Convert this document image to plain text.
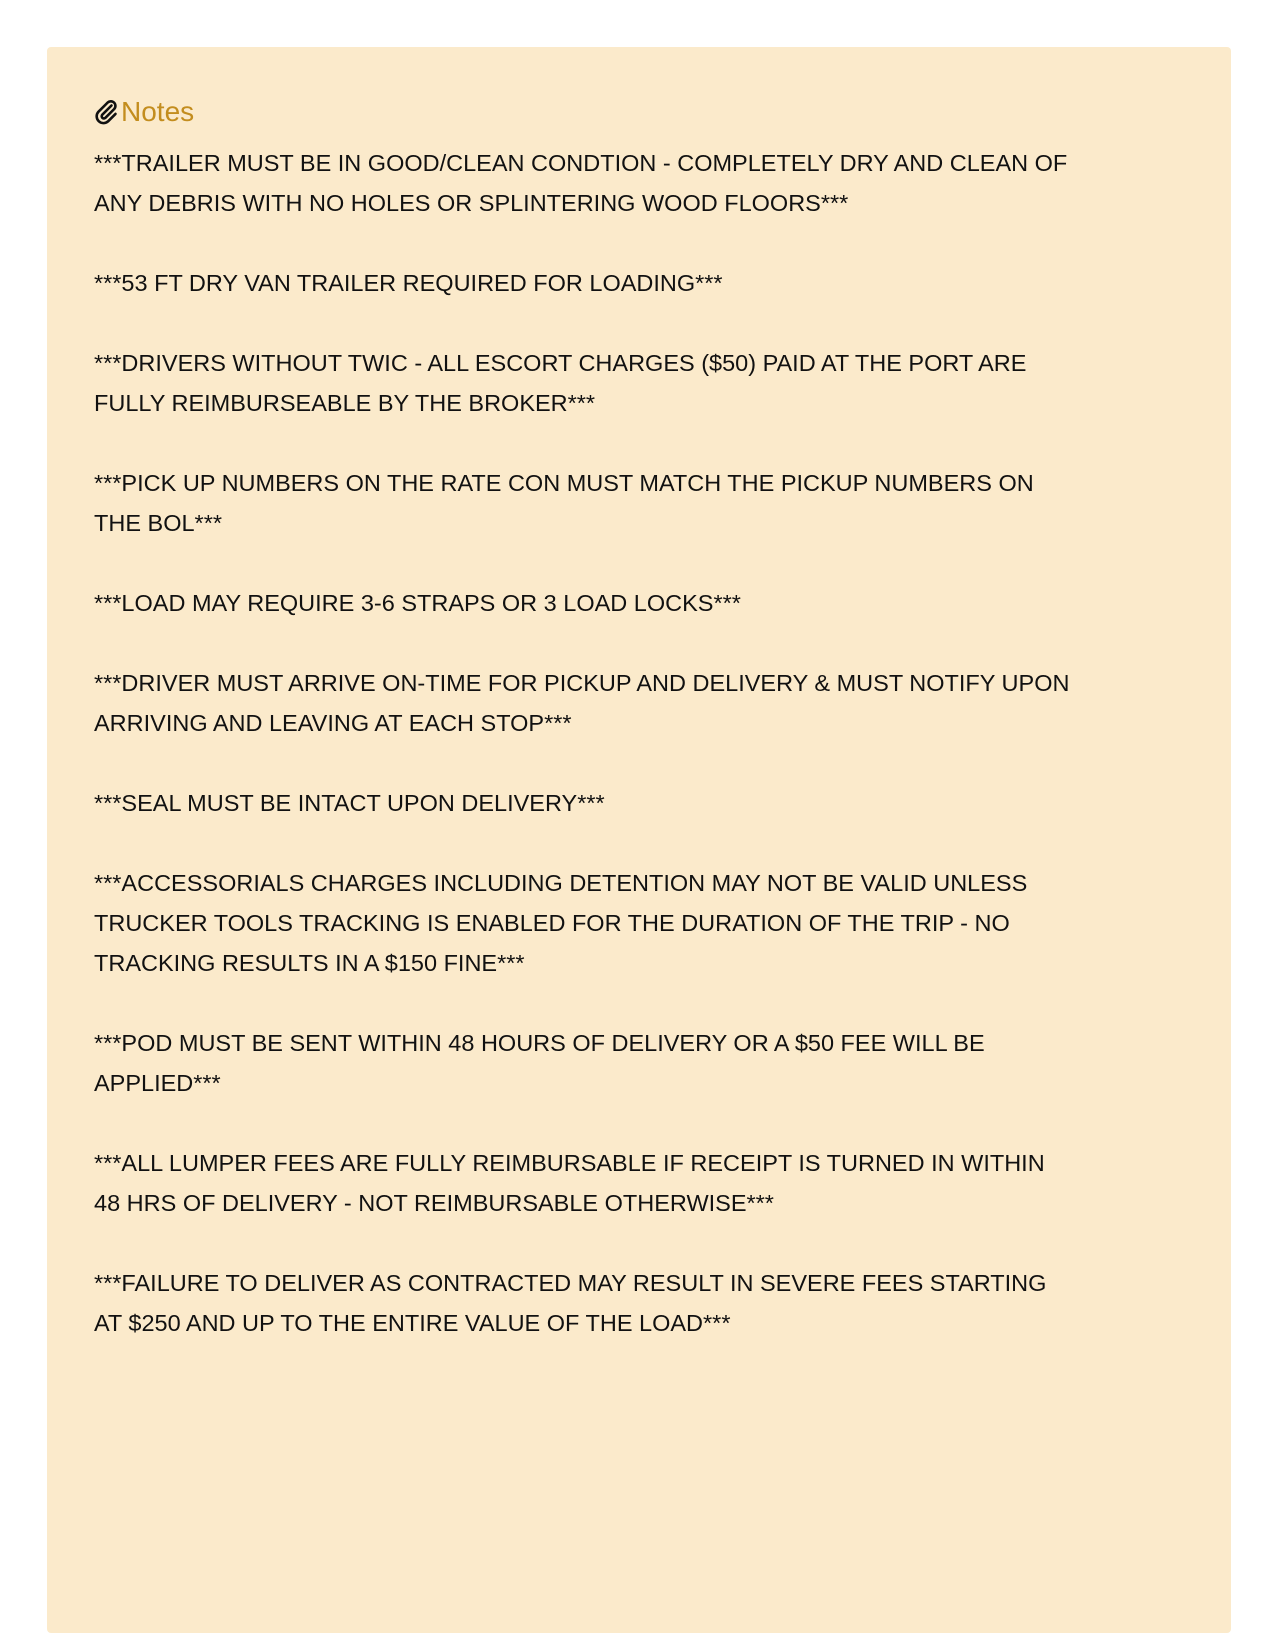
Notes
***TRAILER MUST BE IN GOOD/CLEAN CONDTION - COMPLETELY DRY AND CLEAN OF ANY DEBRIS WITH NO HOLES OR SPLINTERING WOOD FLOORS***
***53 FT DRY VAN TRAILER REQUIRED FOR LOADING***
***DRIVERS WITHOUT TWIC - ALL ESCORT CHARGES ($50) PAID AT THE PORT ARE FULLY REIMBURSEABLE BY THE BROKER***
***PICK UP NUMBERS ON THE RATE CON MUST MATCH THE PICKUP NUMBERS ON THE BOL***
***LOAD MAY REQUIRE 3-6 STRAPS OR 3 LOAD LOCKS***
***DRIVER MUST ARRIVE ON-TIME FOR PICKUP AND DELIVERY & MUST NOTIFY UPON ARRIVING AND LEAVING AT EACH STOP***
***SEAL MUST BE INTACT UPON DELIVERY***
***ACCESSORIALS CHARGES INCLUDING DETENTION MAY NOT BE VALID UNLESS TRUCKER TOOLS TRACKING IS ENABLED FOR THE DURATION OF THE TRIP - NO TRACKING RESULTS IN A $150 FINE***
***POD MUST BE SENT WITHIN 48 HOURS OF DELIVERY OR A $50 FEE WILL BE APPLIED***
***ALL LUMPER FEES ARE FULLY REIMBURSABLE IF RECEIPT IS TURNED IN WITHIN 48 HRS OF DELIVERY - NOT REIMBURSABLE OTHERWISE***
***FAILURE TO DELIVER AS CONTRACTED MAY RESULT IN SEVERE FEES STARTING AT $250 AND UP TO THE ENTIRE VALUE OF THE LOAD***
